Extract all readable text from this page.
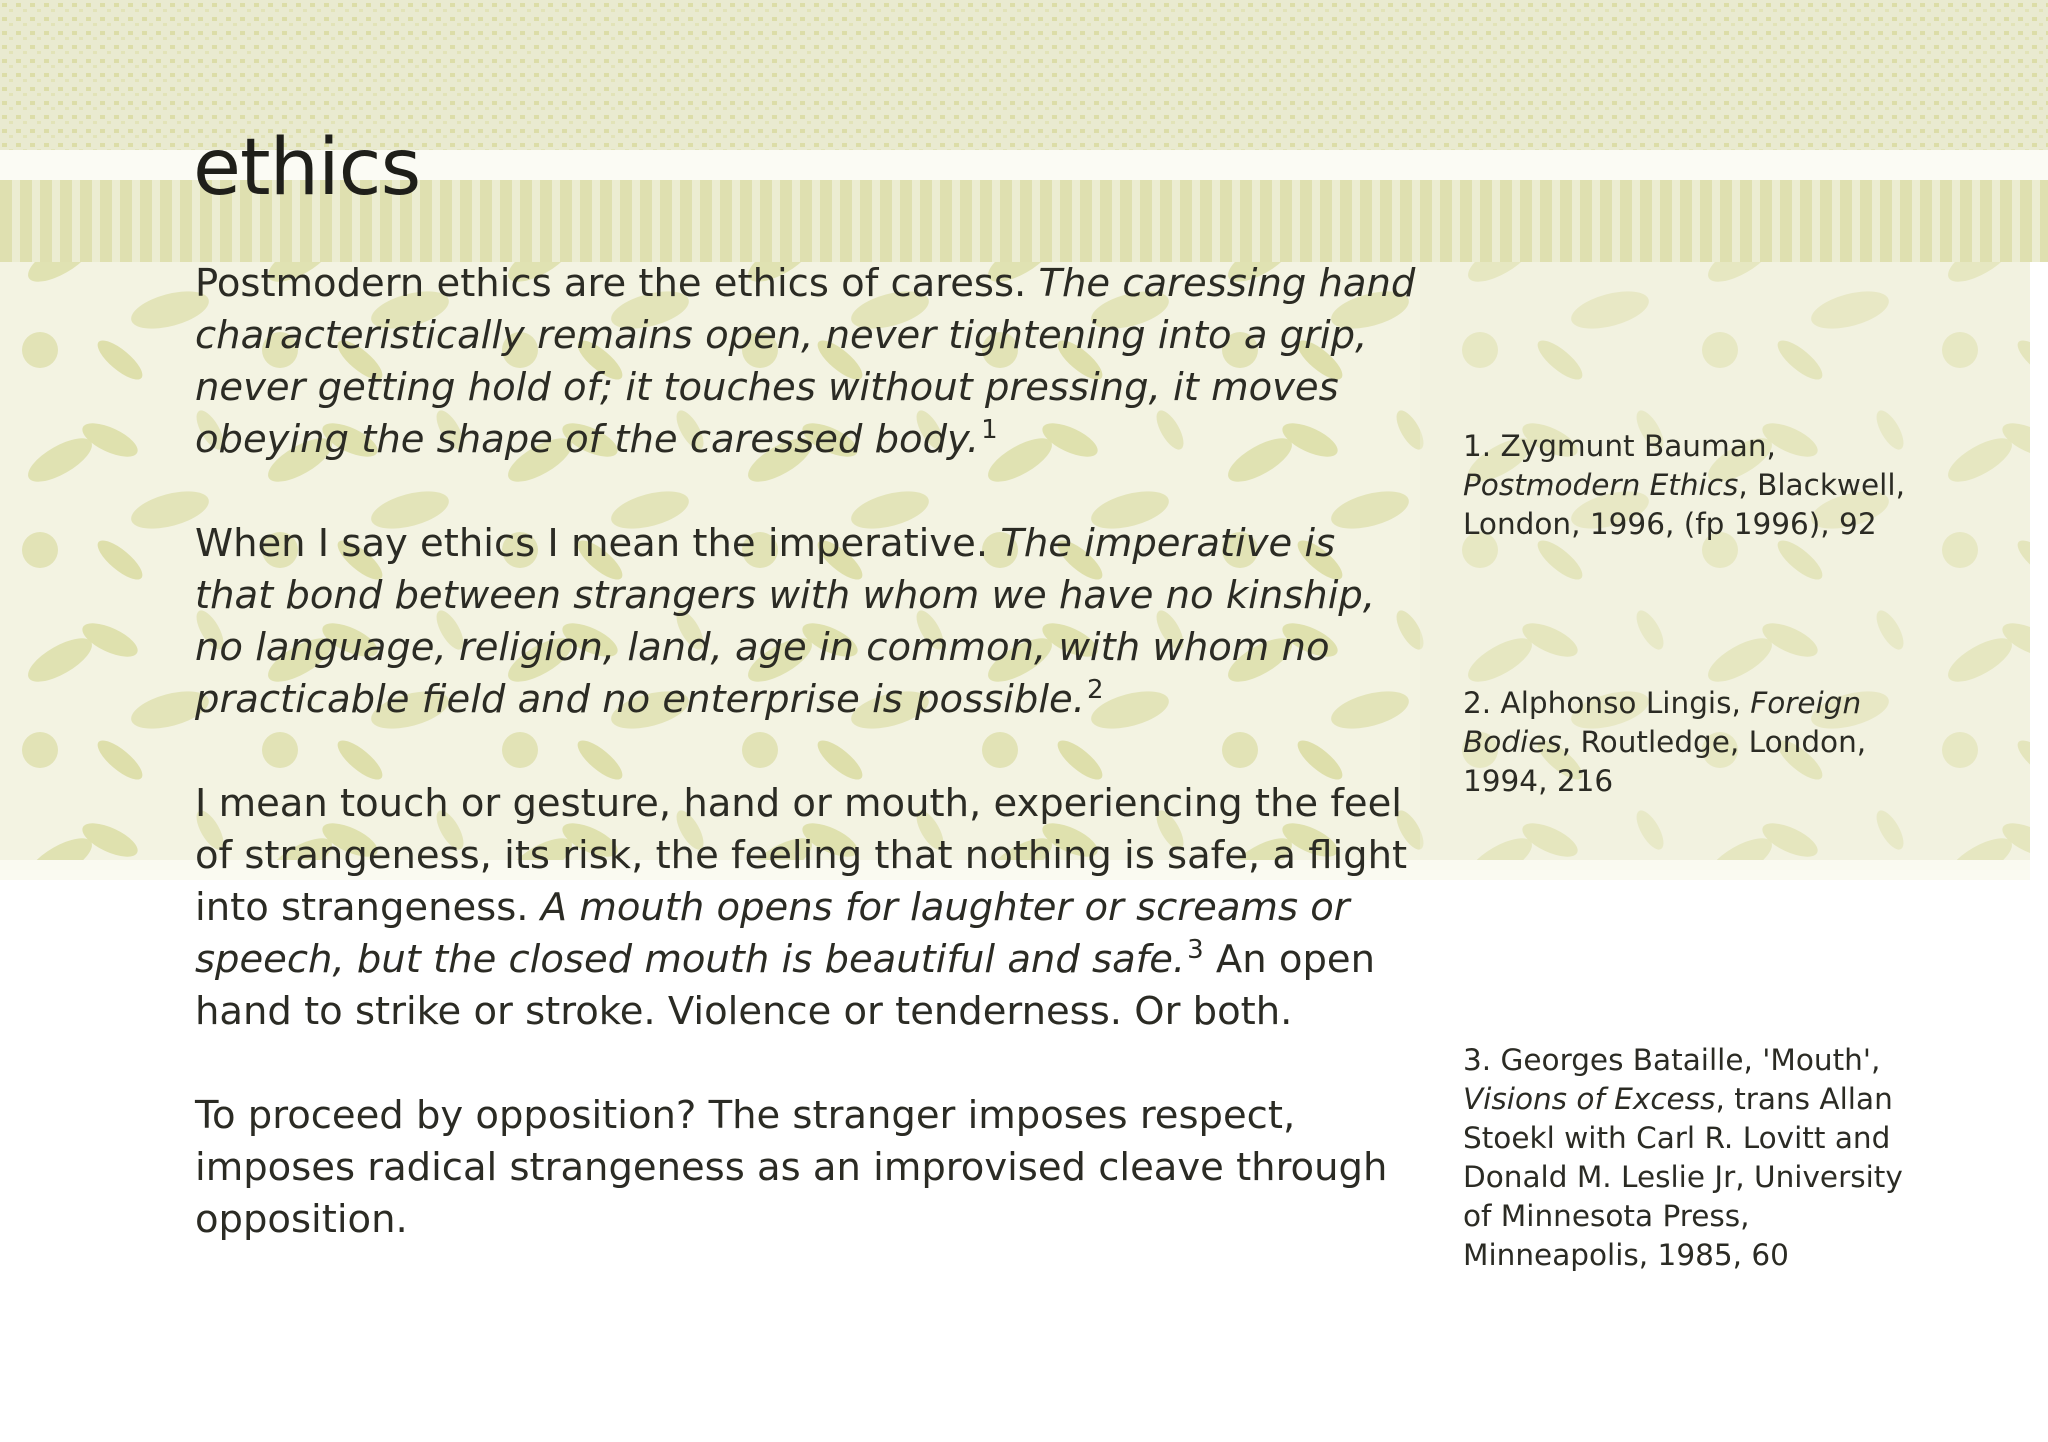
ethics

Postmodern ethics are the ethics of caress. The caressing hand characteristically remains open, never tightening into a grip, never getting hold of; it touches without pressing, it moves obeying the shape of the caressed body.$^1$

When I say ethics I mean the imperative. The imperative is that bond between strangers with whom we have no kinship, no language, religion, land, age in common, with whom no practicable field and no enterprise is possible.$^2$

I mean touch or gesture, hand or mouth, experiencing the feel of strangeness, its risk, the feeling that nothing is safe, a flight into strangeness. A mouth opens for laughter or screams or speech, but the closed mouth is beautiful and safe.$^3$ An open hand to strike or stroke. Violence or tenderness. Or both.

To proceed by opposition? The stranger imposes respect, imposes radical strangeness as an improvised cleave through opposition.

1. Zygmunt Bauman, Postmodern Ethics, Blackwell, London, 1996, (fp 1996), 92
2. Alphonso Lingis, Foreign Bodies, Routledge, London, 1994, 216
3. Georges Bataille, 'Mouth', Visions of Excess, trans Allan Stoekl with Carl R. Lovitt and Donald M. Leslie Jr, University of Minnesota Press, Minneapolis, 1985, 60
